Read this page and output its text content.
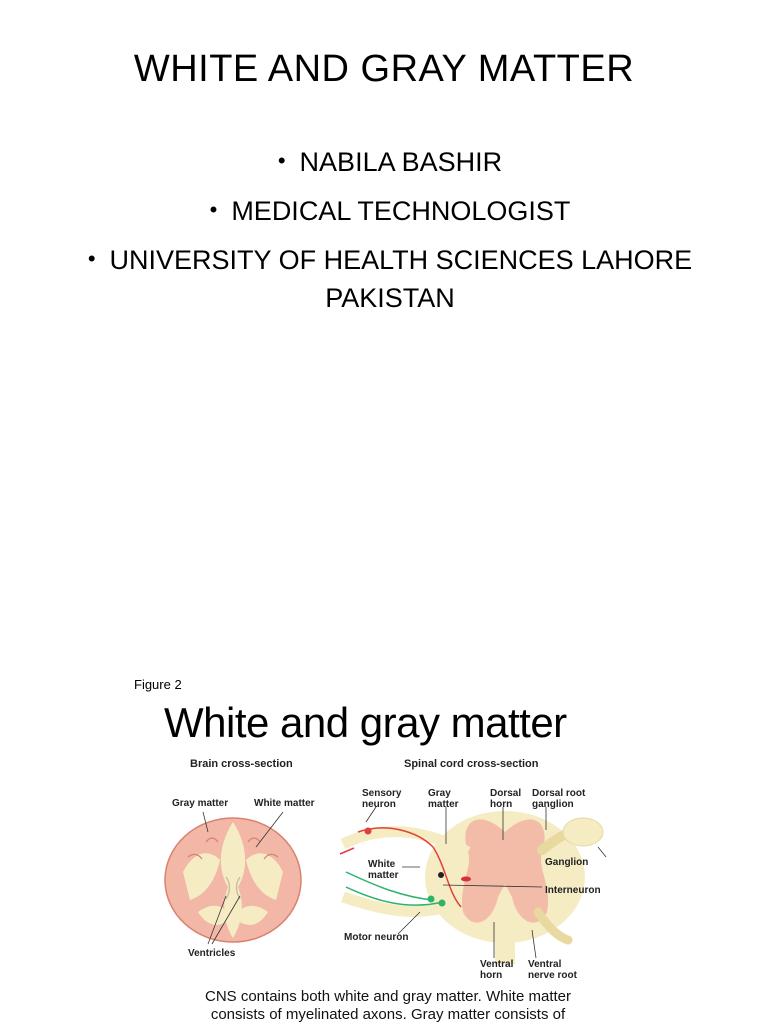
WHITE AND GRAY MATTER
• NABILA BASHIR
• MEDICAL TECHNOLOGIST
• UNIVERSITY OF HEALTH SCIENCES LAHORE PAKISTAN
Figure 2
White and gray matter
Brain cross-section	Spinal cord cross-section
Gray matter	White matter
Ventricles
Sensory neuron
Gray matter
Dorsal horn
Dorsal root ganglion
Ganglion
White matter
Interneuron
Motor neuron
Ventral horn
Ventral nerve root
CNS contains both white and gray matter. White matter
consists of myelinated axons. Gray matter consists of
